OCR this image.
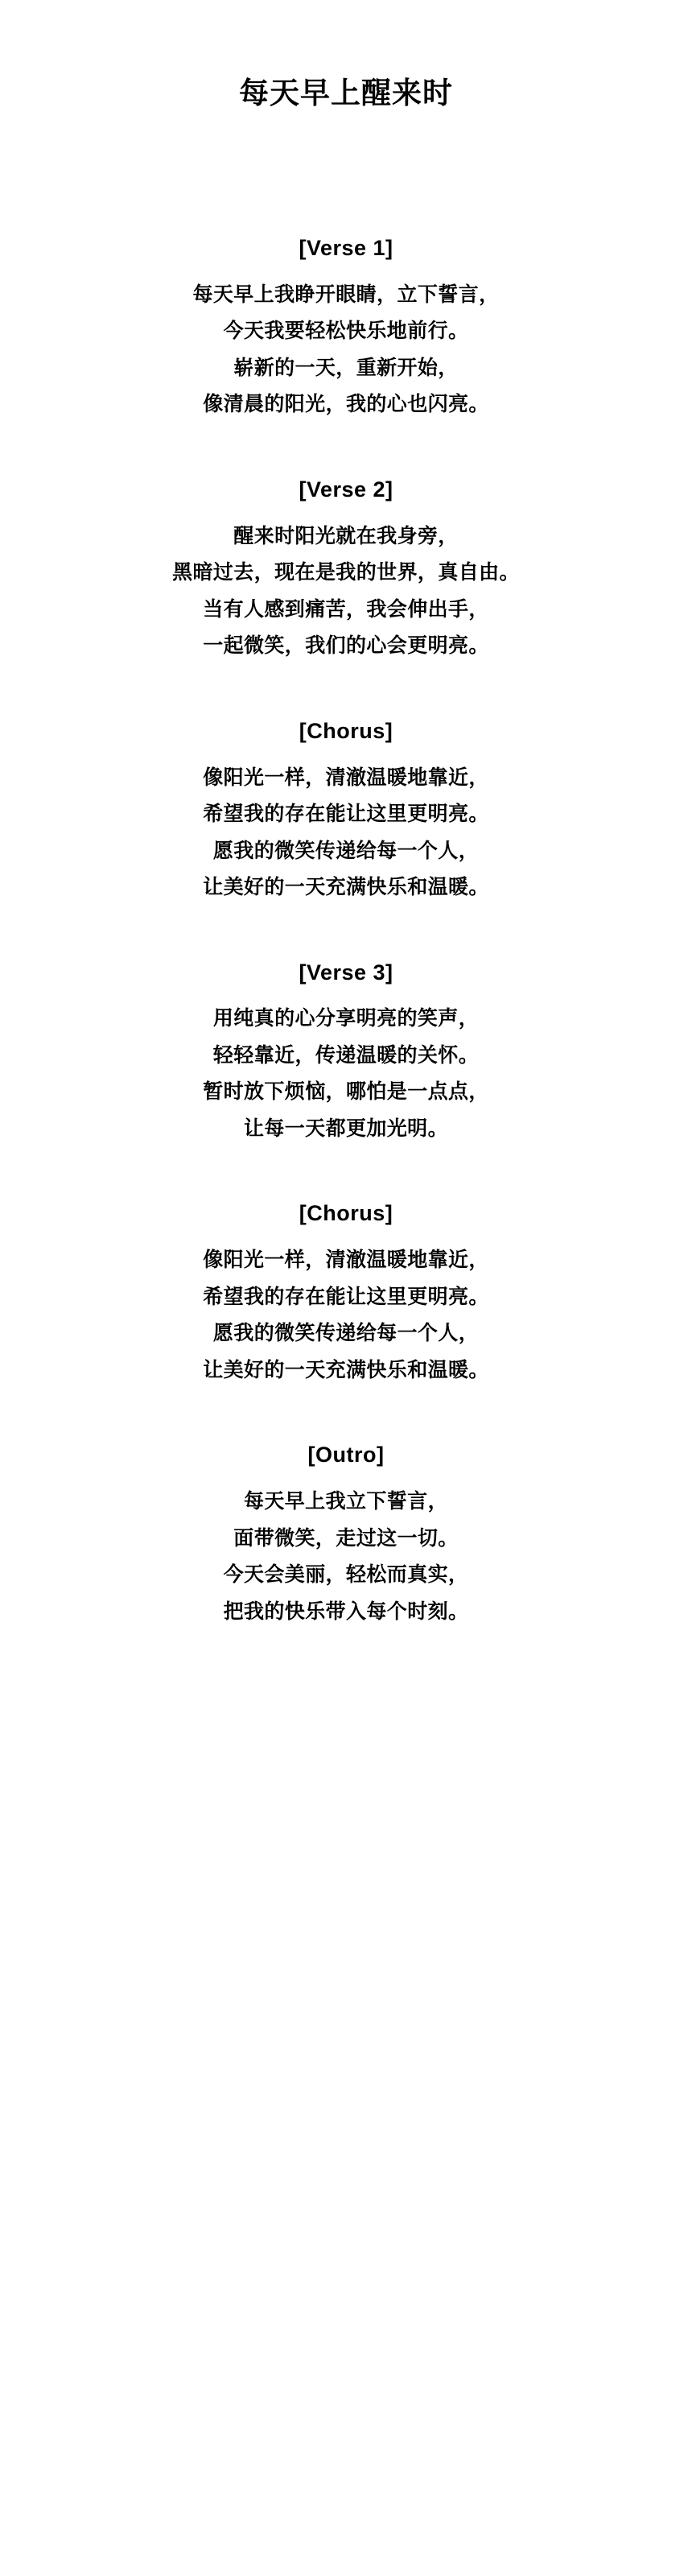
每天早上醒来时
[Verse 1]
每天早上我睁开眼睛，立下誓言，
今天我要轻松快乐地前行。
崭新的一天，重新开始，
像清晨的阳光，我的心也闪亮。
[Verse 2]
醒来时阳光就在我身旁，
黑暗过去，现在是我的世界，真自由。
当有人感到痛苦，我会伸出手，
一起微笑，我们的心会更明亮。
[Chorus]
像阳光一样，清澈温暖地靠近，
希望我的存在能让这里更明亮。
愿我的微笑传递给每一个人，
让美好的一天充满快乐和温暖。
[Verse 3]
用纯真的心分享明亮的笑声，
轻轻靠近，传递温暖的关怀。
暂时放下烦恼，哪怕是一点点，
让每一天都更加光明。
[Chorus]
像阳光一样，清澈温暖地靠近，
希望我的存在能让这里更明亮。
愿我的微笑传递给每一个人，
让美好的一天充满快乐和温暖。
[Outro]
每天早上我立下誓言，
面带微笑，走过这一切。
今天会美丽，轻松而真实，
把我的快乐带入每个时刻。
